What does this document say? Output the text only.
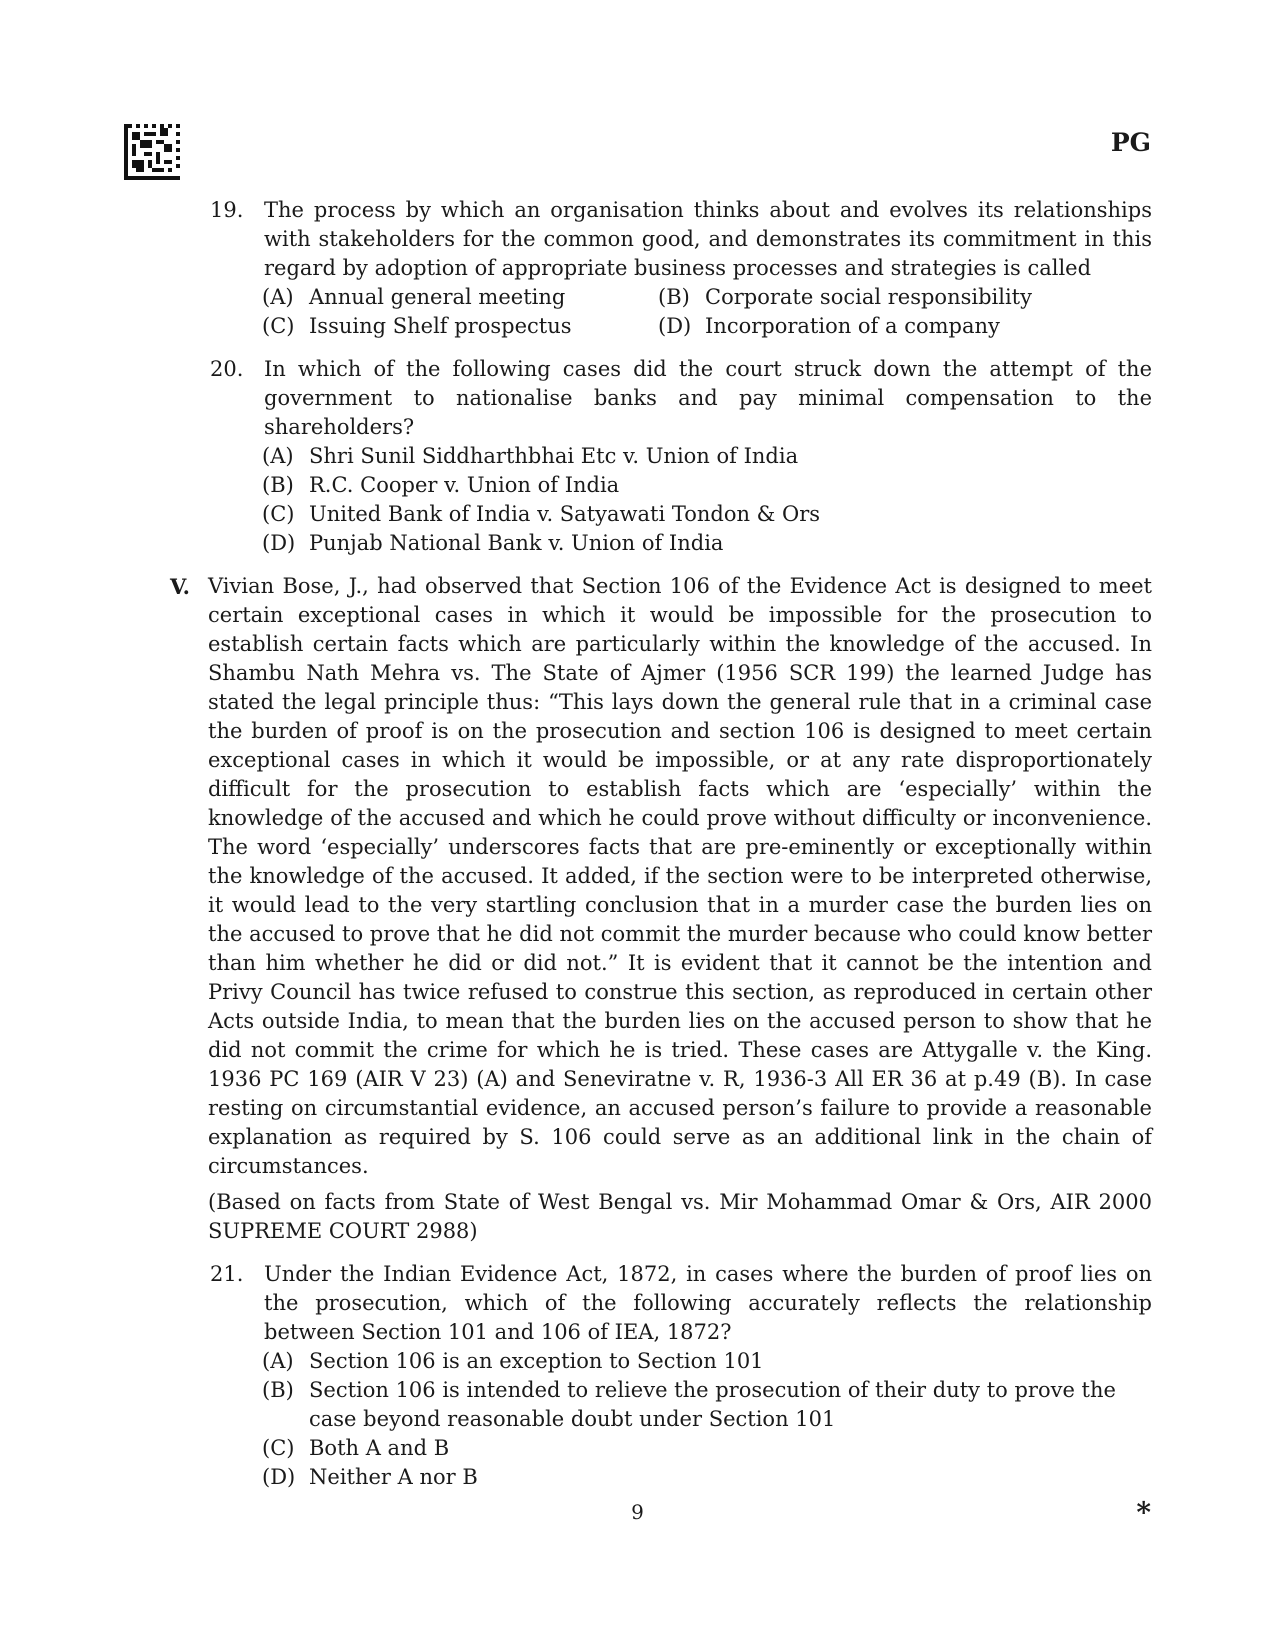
PG
19. The process by which an organisation thinks about and evolves its relationships with stakeholders for the common good, and demonstrates its commitment in this regard by adoption of appropriate business processes and strategies is called
(A) Annual general meeting	(B) Corporate social responsibility
(C) Issuing Shelf prospectus	(D) Incorporation of a company
20. In which of the following cases did the court struck down the attempt of the government to nationalise banks and pay minimal compensation to the shareholders?
(A) Shri Sunil Siddharthbhai Etc v. Union of India
(B) R.C. Cooper v. Union of India
(C) United Bank of India v. Satyawati Tondon & Ors
(D) Punjab National Bank v. Union of India
V. Vivian Bose, J., had observed that Section 106 of the Evidence Act is designed to meet certain exceptional cases in which it would be impossible for the prosecution to establish certain facts which are particularly within the knowledge of the accused. In Shambu Nath Mehra vs. The State of Ajmer (1956 SCR 199) the learned Judge has stated the legal principle thus: “This lays down the general rule that in a criminal case the burden of proof is on the prosecution and section 106 is designed to meet certain exceptional cases in which it would be impossible, or at any rate disproportionately difficult for the prosecution to establish facts which are ‘especially’ within the knowledge of the accused and which he could prove without difficulty or inconvenience. The word ‘especially’ underscores facts that are pre-eminently or exceptionally within the knowledge of the accused. It added, if the section were to be interpreted otherwise, it would lead to the very startling conclusion that in a murder case the burden lies on the accused to prove that he did not commit the murder because who could know better than him whether he did or did not.” It is evident that it cannot be the intention and Privy Council has twice refused to construe this section, as reproduced in certain other Acts outside India, to mean that the burden lies on the accused person to show that he did not commit the crime for which he is tried. These cases are Attygalle v. the King. 1936 PC 169 (AIR V 23) (A) and Seneviratne v. R, 1936-3 All ER 36 at p.49 (B). In case resting on circumstantial evidence, an accused person’s failure to provide a reasonable explanation as required by S. 106 could serve as an additional link in the chain of circumstances.

(Based on facts from State of West Bengal vs. Mir Mohammad Omar & Ors, AIR 2000 SUPREME COURT 2988)

21. Under the Indian Evidence Act, 1872, in cases where the burden of proof lies on the prosecution, which of the following accurately reflects the relationship between Section 101 and 106 of IEA, 1872?
(A) Section 106 is an exception to Section 101
(B) Section 106 is intended to relieve the prosecution of their duty to prove the case beyond reasonable doubt under Section 101
(C) Both A and B
(D) Neither A nor B
9	*
